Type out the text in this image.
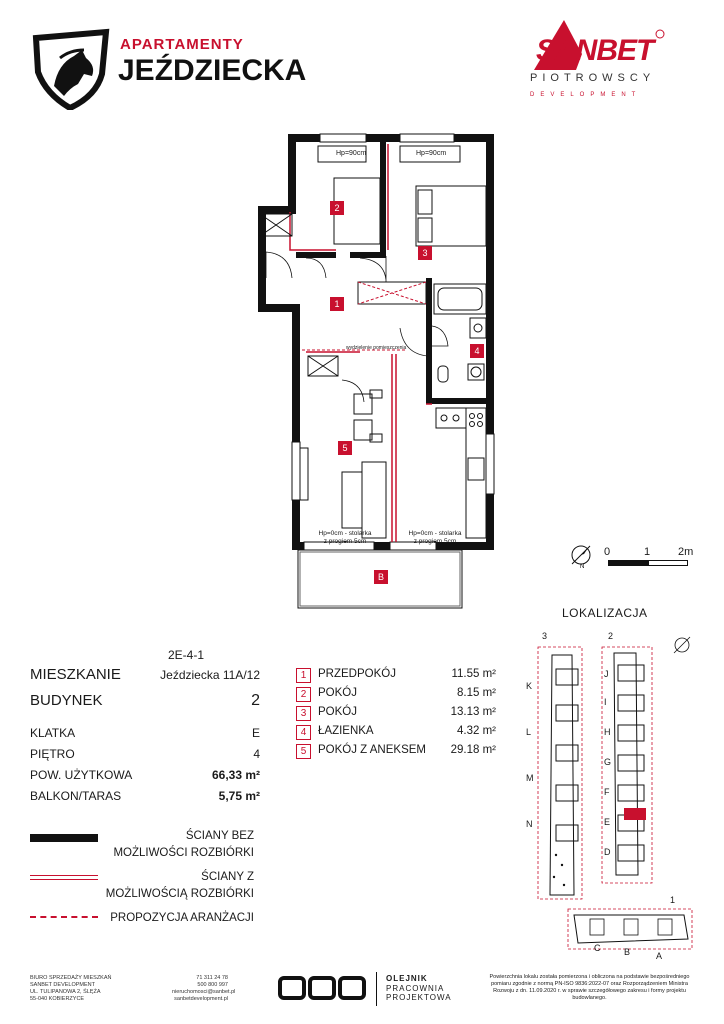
APARTAMENTY
JEŹDZIECKA
SANBET
PIOTROWSCY
DEVELOPMENT
1
2
3
4
5
B
Hp=90cm	Hp=90cm
wydzielenie pomieszczenia
Hp=0cm - stolarka
z progiem 5cm
Hp=0cm - stolarka
z progiem 5cm
N
0	1	2m
LOKALIZACJA
3	2
K
L
M
N
J
I
H
G
F
E
D
1
C	B	A
2E-4-1
MIESZKANIE	Jeździecka 11A/12
BUDYNEK	2
KLATKA	E
PIĘTRO	4
POW. UŻYTKOWA	66,33 m²
BALKON/TARAS	5,75 m²
1	PRZEDPOKÓJ	11.55 m²
2	POKÓJ	8.15 m²
3	POKÓJ	13.13 m²
4	ŁAZIENKA	4.32 m²
5	POKÓJ Z ANEKSEM 29.18 m²
ŚCIANY BEZ
MOŻLIWOŚCI ROZBIÓRKI
ŚCIANY Z
MOŻLIWOŚCIĄ ROZBIÓRKI
PROPOZYCJA ARANŻACJI
BIURO SPRZEDAŻY MIESZKAŃ
SANBET DEVELOPMENT
UL. TULIPANOWA 2, ŚLĘŻA
55-040 KOBIERZYCE
71 311 24 78
500 800 997
nieruchomosci@sanbet.pl
sanbetdevelopment.pl
OLEJNIK
PRACOWNIA
PROJEKTOWA
Powierzchnia lokalu została pomierzona i obliczona na podstawie bezpośredniego pomiaru zgodnie z normą PN-ISO 9836:2022-07 oraz Rozporządzeniem Ministra Rozwoju z dn. 11.09.2020 r. w sprawie szczegółowego zakresu i formy projektu budowlanego.
